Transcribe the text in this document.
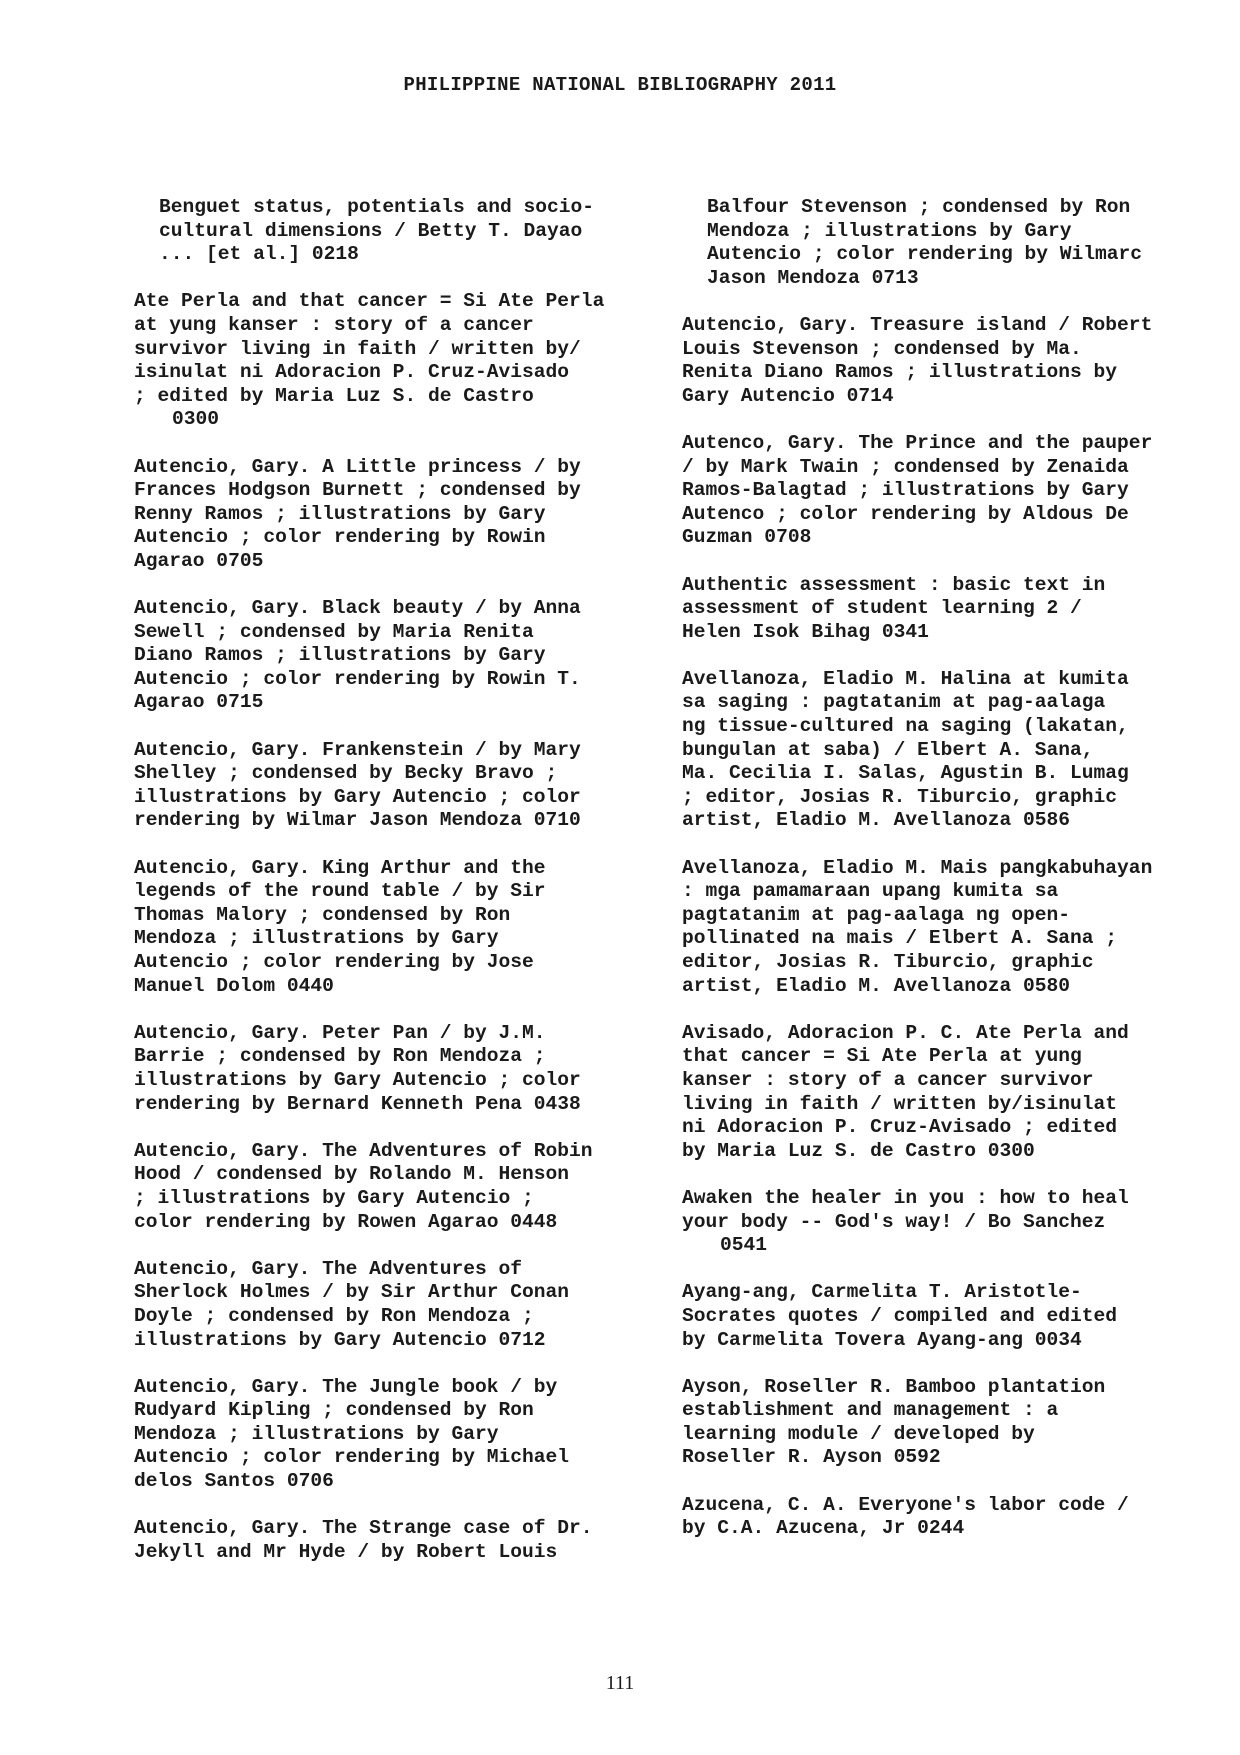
PHILIPPINE NATIONAL BIBLIOGRAPHY 2011
Benguet status, potentials and socio-
cultural dimensions / Betty T. Dayao
... [et al.] 0218
Ate Perla and that cancer = Si Ate Perla
at yung kanser : story of a cancer
survivor living in faith / written by/
isinulat ni Adoracion P. Cruz-Avisado
; edited by Maria Luz S. de Castro
0300
Autencio, Gary. A Little princess / by
Frances Hodgson Burnett ; condensed by
Renny Ramos ; illustrations by Gary
Autencio ; color rendering by Rowin
Agarao 0705
Autencio, Gary. Black beauty / by Anna
Sewell ; condensed by Maria Renita
Diano Ramos ; illustrations by Gary
Autencio ; color rendering by Rowin T.
Agarao 0715
Autencio, Gary. Frankenstein / by Mary
Shelley ; condensed by Becky Bravo ;
illustrations by Gary Autencio ; color
rendering by Wilmar Jason Mendoza 0710
Autencio, Gary. King Arthur and the
legends of the round table / by Sir
Thomas Malory ; condensed by Ron
Mendoza ; illustrations by Gary
Autencio ; color rendering by Jose
Manuel Dolom 0440
Autencio, Gary. Peter Pan / by J.M.
Barrie ; condensed by Ron Mendoza ;
illustrations by Gary Autencio ; color
rendering by Bernard Kenneth Pena 0438
Autencio, Gary. The Adventures of Robin
Hood / condensed by Rolando M. Henson
; illustrations by Gary Autencio ;
color rendering by Rowen Agarao 0448
Autencio, Gary. The Adventures of
Sherlock Holmes / by Sir Arthur Conan
Doyle ; condensed by Ron Mendoza ;
illustrations by Gary Autencio 0712
Autencio, Gary. The Jungle book / by
Rudyard Kipling ; condensed by Ron
Mendoza ; illustrations by Gary
Autencio ; color rendering by Michael
delos Santos 0706
Autencio, Gary. The Strange case of Dr.
Jekyll and Mr Hyde / by Robert Louis
Balfour Stevenson ; condensed by Ron
Mendoza ; illustrations by Gary
Autencio ; color rendering by Wilmarc
Jason Mendoza 0713
Autencio, Gary. Treasure island / Robert
Louis Stevenson ; condensed by Ma.
Renita Diano Ramos ; illustrations by
Gary Autencio 0714
Autenco, Gary. The Prince and the pauper
/ by Mark Twain ; condensed by Zenaida
Ramos-Balagtad ; illustrations by Gary
Autenco ; color rendering by Aldous De
Guzman 0708
Authentic assessment : basic text in
assessment of student learning 2 /
Helen Isok Bihag 0341
Avellanoza, Eladio M. Halina at kumita
sa saging : pagtatanim at pag-aalaga
ng tissue-cultured na saging (lakatan,
bungulan at saba) / Elbert A. Sana,
Ma. Cecilia I. Salas, Agustin B. Lumag
; editor, Josias R. Tiburcio, graphic
artist, Eladio M. Avellanoza 0586
Avellanoza, Eladio M. Mais pangkabuhayan
: mga pamamaraan upang kumita sa
pagtatanim at pag-aalaga ng open-
pollinated na mais / Elbert A. Sana ;
editor, Josias R. Tiburcio, graphic
artist, Eladio M. Avellanoza 0580
Avisado, Adoracion P. C. Ate Perla and
that cancer = Si Ate Perla at yung
kanser : story of a cancer survivor
living in faith / written by/isinulat
ni Adoracion P. Cruz-Avisado ; edited
by Maria Luz S. de Castro 0300
Awaken the healer in you : how to heal
your body -- God's way! / Bo Sanchez
0541
Ayang-ang, Carmelita T. Aristotle-
Socrates quotes / compiled and edited
by Carmelita Tovera Ayang-ang 0034
Ayson, Roseller R. Bamboo plantation
establishment and management : a
learning module / developed by
Roseller R. Ayson 0592
Azucena, C. A. Everyone's labor code /
by C.A. Azucena, Jr 0244
111
